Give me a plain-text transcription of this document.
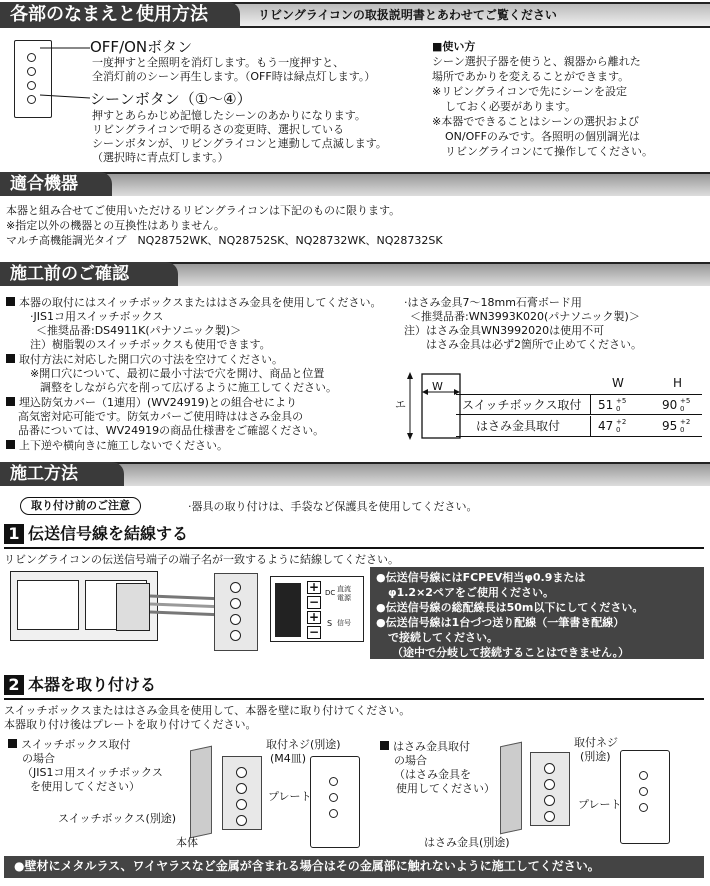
各部のなまえと使用方法	リビングライコンの取扱説明書とあわせてご覧ください
OFF/ONボタン
一度押すと全照明を消灯します。もう一度押すと、
全消灯前のシーン再生します。（OFF時は緑点灯します。）
シーンボタン（①〜④）
押すとあらかじめ記憶したシーンのあかりになります。
リビングライコンで明るさの変更時、選択している
シーンボタンが、リビングライコンと連動して点滅します。
（選択時に青点灯します。）
■使い方
シーン選択子器を使うと、親器から離れた
場所であかりを変えることができます。
※リビングライコンで先にシーンを設定
しておく必要があります。
※本器でできることはシーンの選択および
ON/OFFのみです。各照明の個別調光は
リビングライコンにて操作してください。
適合機器
本器と組み合せてご使用いただけるリビングライコンは下記のものに限ります。
※指定以外の機器との互換性はありません。
マルチ高機能調光タイプ　NQ28752WK、NQ28752SK、NQ28732WK、NQ28732SK
施工前のご確認
本器の取付にはスイッチボックスまたははさみ金具を使用してください。
·JIS1コ用スイッチボックス
＜推奨品番:DS4911K(パナソニック製)＞
注）樹脂製のスイッチボックスも使用できます。
取付方法に対応した開口穴の寸法を空けてください。
※開口穴について、最初に最小寸法で穴を開け、商品と位置
調整をしながら穴を削って広げるように施工してください。
埋込防気カバー（1連用）(WV24919)との組合せにより
高気密対応可能です。防気カバーご使用時ははさみ金具の
品番については、WV24919の商品仕様書をご確認ください。
上下逆や横向きに施工しないでください。
·はさみ金具7〜18mm石膏ボード用
＜推奨品番:WN3993K020(パナソニック製)＞
注）はさみ金具WN3992020は使用不可
はさみ金具は必ず2箇所で止めてください。
エ
W	W	H
スイッチボックス取付 51 +5 0	90 +5 0
はさみ金具取付	47 +2 0	95 +2 0
施工方法
取り付け前のご注意	·器具の取り付けは、手袋など保護具を使用してください。
1 伝送信号線を結線する
リビングライコンの伝送信号端子の端子名が一致するように結線してください。
+
−
+
−
DC
S
直流電源
信号
●伝送信号線にはFCPEV相当φ0.9または
φ1.2×2ペアをご使用ください。
●伝送信号線の総配線長は50m以下にしてください。
●伝送信号線は1台づつ送り配線（一筆書き配線）
で接続してください。
（途中で分岐して接続することはできません。）
2 本器を取り付ける
スイッチボックスまたははさみ金具を使用して、本器を壁に取り付けてください。
本器取り付け後はプレートを取り付けてください。
スイッチボックス取付
の場合
（JIS1コ用スイッチボックス
を使用してください）
取付ネジ(別途)
(M4皿)
プレート
スイッチボックス(別途)
本体
はさみ金具取付
の場合
（はさみ金具を
使用してください）
取付ネジ
(別途)
プレート
はさみ金具(別途)
●壁材にメタルラス、ワイヤラスなど金属が含まれる場合はその金属部に触れないように施工してください。
